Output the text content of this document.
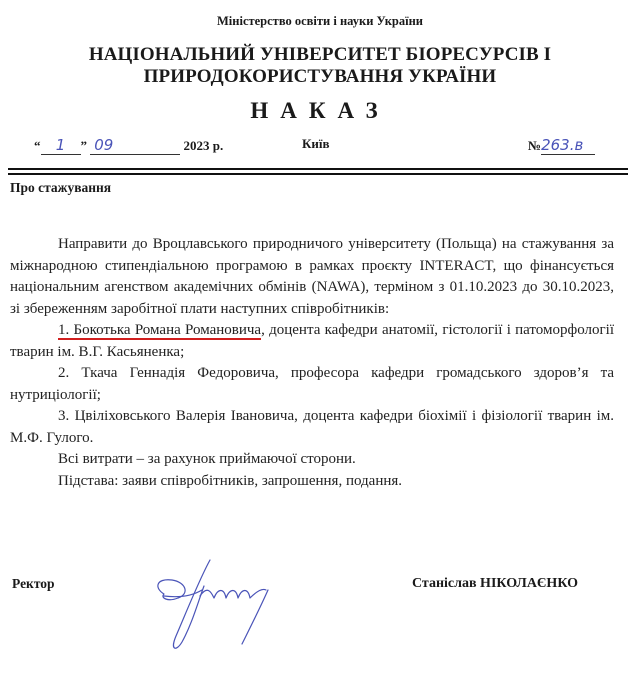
Міністерство освіти і науки України
НАЦІОНАЛЬНИЙ УНІВЕРСИТЕТ БІОРЕСУРСІВ І
ПРИРОДОКОРИСТУВАННЯ УКРАЇНИ
НАКАЗ
“ 1 ” 09	2023 р.	Київ	№263.в
Про стажування

Направити до Вроцлавського природничого університету (Польща) на стажування за міжнародною стипендіальною програмою в рамках проєкту INTERACT, що фінансується національним агенством академічних обмінів (NAWA), терміном з 01.10.2023 до 30.10.2023, зі збереженням заробітної плати наступних співробітників:

1. Бокотька Романа Романовича, доцента кафедри анатомії, гістології і патоморфології тварин ім. В.Г. Касьяненка;

2. Ткача Геннадія Федоровича, професора кафедри громадського здоров’я та нутриціології;

3. Цвіліховського Валерія Івановича, доцента кафедри біохімії і фізіології тварин ім. М.Ф. Гулого.

Всі витрати – за рахунок приймаючої сторони.

Підстава: заяви співробітників, запрошення, подання.

Ректор	Станіслав НІКОЛАЄНКО
